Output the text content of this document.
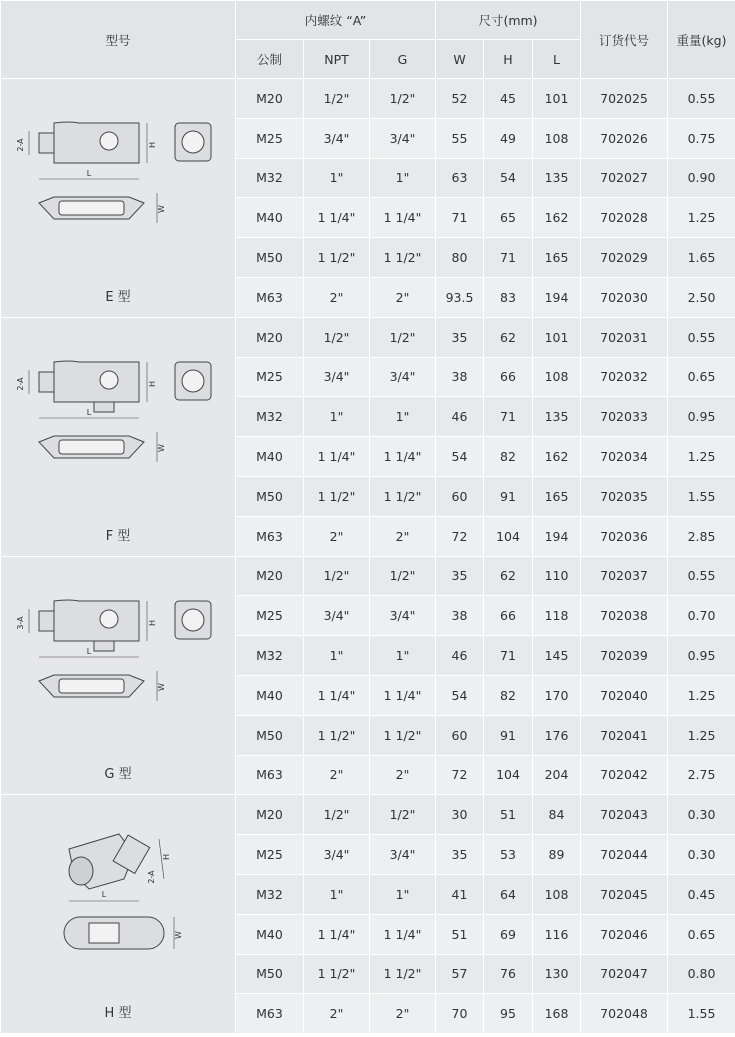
型号	内螺纹 “A”			尺寸(mm)			订货代号	重量(kg)
	公制	NPT	G	W	H	L		

H
2-A
L
W
E 型	M20	1/2"	1/2"	52	45	101	702025	0.55
	M25	3/4"	3/4"	55	49	108	702026	0.75
	M32	1"	1"	63	54	135	702027	0.90
	M40	1 1/4"	1 1/4"	71	65	162	702028	1.25
	M50	1 1/2"	1 1/2"	80	71	165	702029	1.65
	M63	2"	2"	93.5	83	194	702030	2.50

H
2-A
L
W
F 型	M20	1/2"	1/2"	35	62	101	702031	0.55
	M25	3/4"	3/4"	38	66	108	702032	0.65
	M32	1"	1"	46	71	135	702033	0.95
	M40	1 1/4"	1 1/4"	54	82	162	702034	1.25
	M50	1 1/2"	1 1/2"	60	91	165	702035	1.55
	M63	2"	2"	72	104	194	702036	2.85

H
3-A
L
W
G 型	M20	1/2"	1/2"	35	62	110	702037	0.55
	M25	3/4"	3/4"	38	66	118	702038	0.70
	M32	1"	1"	46	71	145	702039	0.95
	M40	1 1/4"	1 1/4"	54	82	170	702040	1.25
	M50	1 1/2"	1 1/2"	60	91	176	702041	1.25
	M63	2"	2"	72	104	204	702042	2.75

H
2-A
L
W
H 型	M20	1/2"	1/2"	30	51	84	702043	0.30
	M25	3/4"	3/4"	35	53	89	702044	0.30
	M32	1"	1"	41	64	108	702045	0.45
	M40	1 1/4"	1 1/4"	51	69	116	702046	0.65
	M50	1 1/2"	1 1/2"	57	76	130	702047	0.80
	M63	2"	2"	70	95	168	702048	1.55
